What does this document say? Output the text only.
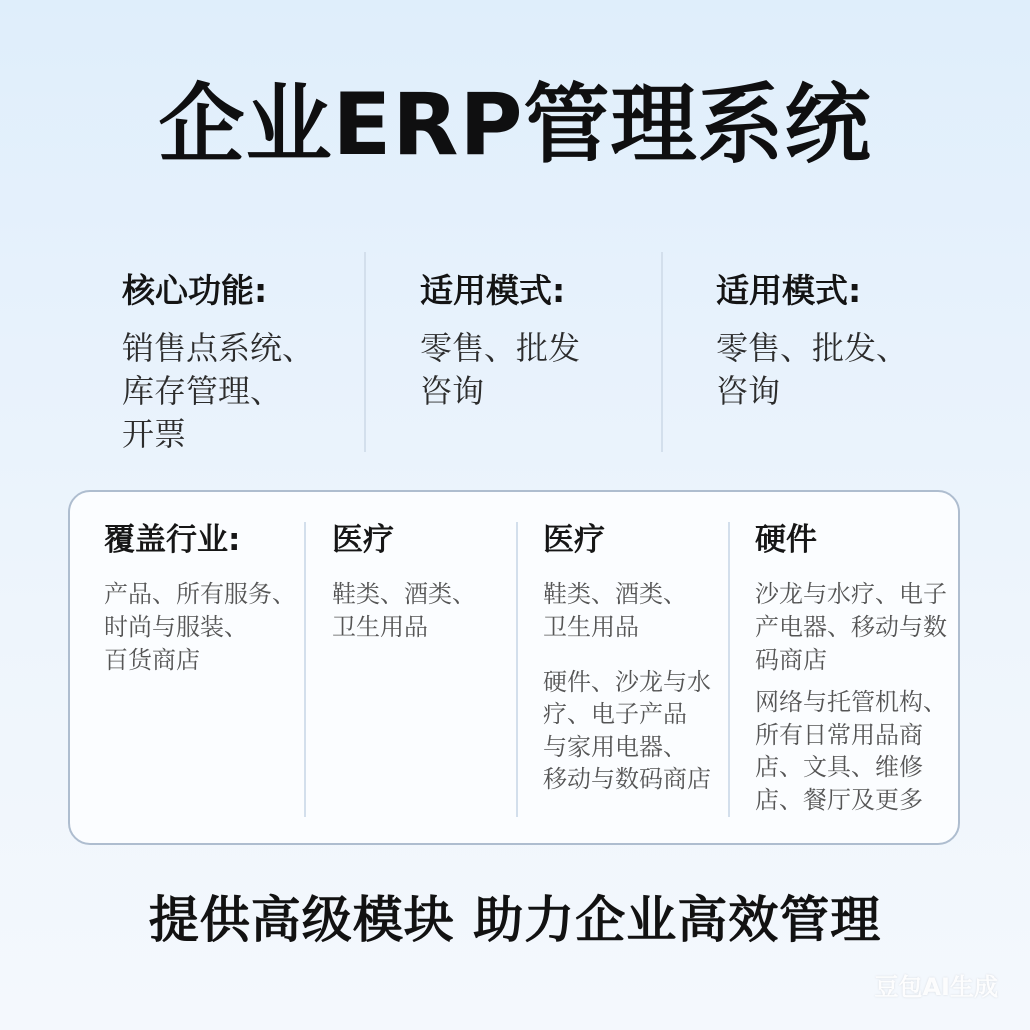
企业ERP管理系统
核心功能:
销售点系统、
库存管理、
开票
适用模式:
零售、批发
咨询
适用模式:
零售、批发、
咨询
覆盖行业:
产品、所有服务、
时尚与服装、
百货商店
医疗
鞋类、酒类、
卫生用品
医疗
鞋类、酒类、
卫生用品
硬件、沙龙与水
疗、电子产品
与家用电器、
移动与数码商店
硬件
沙龙与水疗、电子
产电器、移动与数
码商店
网络与托管机构、
所有日常用品商
店、文具、维修
店、餐厅及更多
提供高级模块 助力企业高效管理
豆包AI生成
